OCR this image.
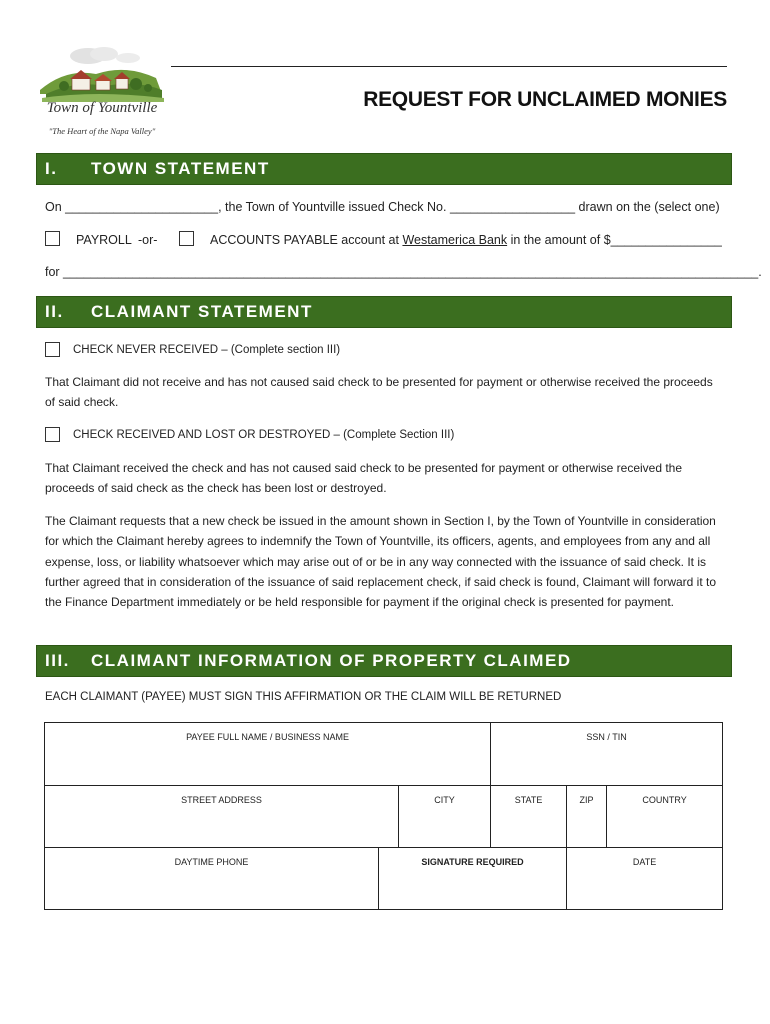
Town of Yountville
"The Heart of the Napa Valley"
REQUEST FOR UNCLAIMED MONIES
I. TOWN STATEMENT
On ______________________, the Town of Yountville issued Check No. __________________ drawn on the (select one)
PAYROLL -or-	ACCOUNTS PAYABLE account at Westamerica Bank in the amount of $________________
for ____________________________________________________________________________________________________.
II. CLAIMANT STATEMENT
CHECK NEVER RECEIVED – (Complete section III)
That Claimant did not receive and has not caused said check to be presented for payment or otherwise received the proceeds of said check.
CHECK RECEIVED AND LOST OR DESTROYED – (Complete Section III)
That Claimant received the check and has not caused said check to be presented for payment or otherwise received the proceeds of said check as the check has been lost or destroyed.
The Claimant requests that a new check be issued in the amount shown in Section I, by the Town of Yountville in consideration for which the Claimant hereby agrees to indemnify the Town of Yountville, its officers, agents, and employees from any and all expense, loss, or liability whatsoever which may arise out of or be in any way connected with the issuance of said check. It is further agreed that in consideration of the issuance of said replacement check, if said check is found, Claimant will forward it to the Finance Department immediately or be held responsible for payment if the original check is presented for payment.
III. CLAIMANT INFORMATION OF PROPERTY CLAIMED
EACH CLAIMANT (PAYEE) MUST SIGN THIS AFFIRMATION OR THE CLAIM WILL BE RETURNED
PAYEE FULL NAME / BUSINESS NAME			SSN / TIN		
STREET ADDRESS		CITY	STATE	ZIP	COUNTRY
DAYTIME PHONE	SIGNATURE REQUIRED			DATE	
